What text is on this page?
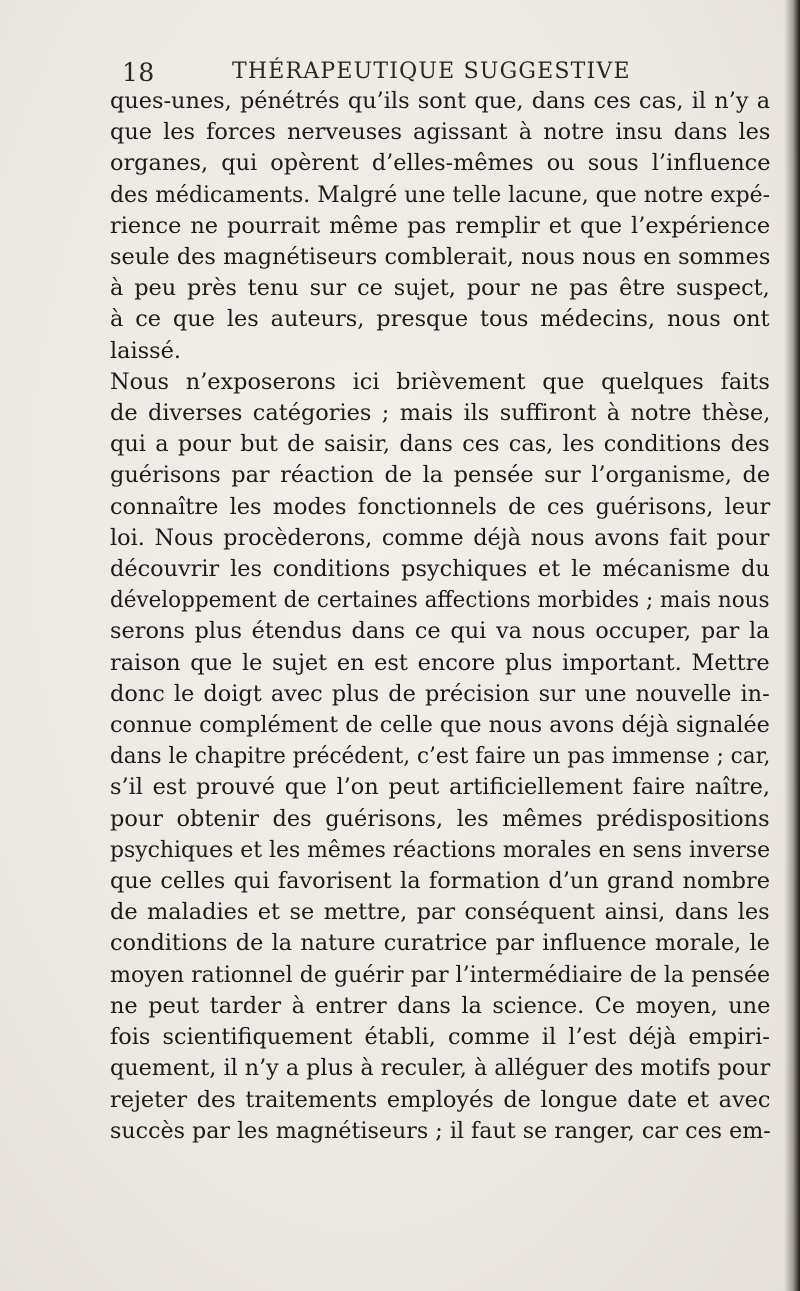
18	THÉRAPEUTIQUE SUGGESTIVE
ques-unes, pénétrés qu’ils sont que, dans ces cas, il n’y a
que les forces nerveuses agissant à notre insu dans les
organes, qui opèrent d’elles-mêmes ou sous l’influence
des médicaments. Malgré une telle lacune, que notre expé-
rience ne pourrait même pas remplir et que l’expérience
seule des magnétiseurs comblerait, nous nous en sommes
à peu près tenu sur ce sujet, pour ne pas être suspect,
à ce que les auteurs, presque tous médecins, nous ont
laissé.
Nous n’exposerons ici brièvement que quelques faits
de diverses catégories ; mais ils suffiront à notre thèse,
qui a pour but de saisir, dans ces cas, les conditions des
guérisons par réaction de la pensée sur l’organisme, de
connaître les modes fonctionnels de ces guérisons, leur
loi. Nous procèderons, comme déjà nous avons fait pour
découvrir les conditions psychiques et le mécanisme du
développement de certaines affections morbides ; mais nous
serons plus étendus dans ce qui va nous occuper, par la
raison que le sujet en est encore plus important. Mettre
donc le doigt avec plus de précision sur une nouvelle in-
connue complément de celle que nous avons déjà signalée
dans le chapitre précédent, c’est faire un pas immense ; car,
s’il est prouvé que l’on peut artificiellement faire naître,
pour obtenir des guérisons, les mêmes prédispositions
psychiques et les mêmes réactions morales en sens inverse
que celles qui favorisent la formation d’un grand nombre
de maladies et se mettre, par conséquent ainsi, dans les
conditions de la nature curatrice par influence morale, le
moyen rationnel de guérir par l’intermédiaire de la pensée
ne peut tarder à entrer dans la science. Ce moyen, une
fois scientifiquement établi, comme il l’est déjà empiri-
quement, il n’y a plus à reculer, à alléguer des motifs pour
rejeter des traitements employés de longue date et avec
succès par les magnétiseurs ; il faut se ranger, car ces em-
